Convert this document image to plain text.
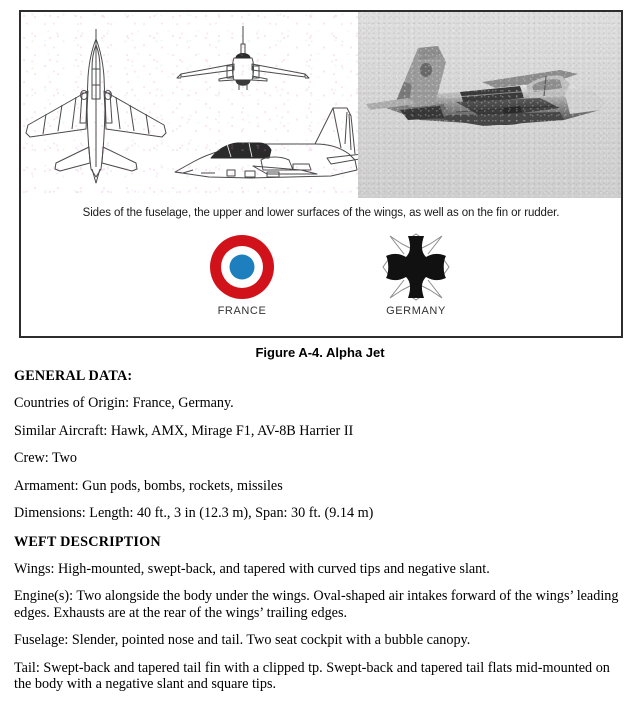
Sides of the fuselage, the upper and lower surfaces of the wings, as well as on the fin or rudder.
FRANCE	GERMANY
Figure A-4. Alpha Jet
GENERAL DATA:

Countries of Origin: France, Germany.

Similar Aircraft: Hawk, AMX, Mirage F1, AV-8B Harrier II

Crew: Two

Armament: Gun pods, bombs, rockets, missiles

Dimensions: Length: 40 ft., 3 in (12.3 m), Span: 30 ft. (9.14 m)

WEFT DESCRIPTION

Wings: High-mounted, swept-back, and tapered with curved tips and negative slant.

Engine(s): Two alongside the body under the wings. Oval-shaped air intakes forward of the wings’ leading edges. Exhausts are at the rear of the wings’ trailing edges.

Fuselage: Slender, pointed nose and tail. Two seat cockpit with a bubble canopy.

Tail: Swept-back and tapered tail fin with a clipped tp. Swept-back and tapered tail flats mid-mounted on the body with a negative slant and square tips.
